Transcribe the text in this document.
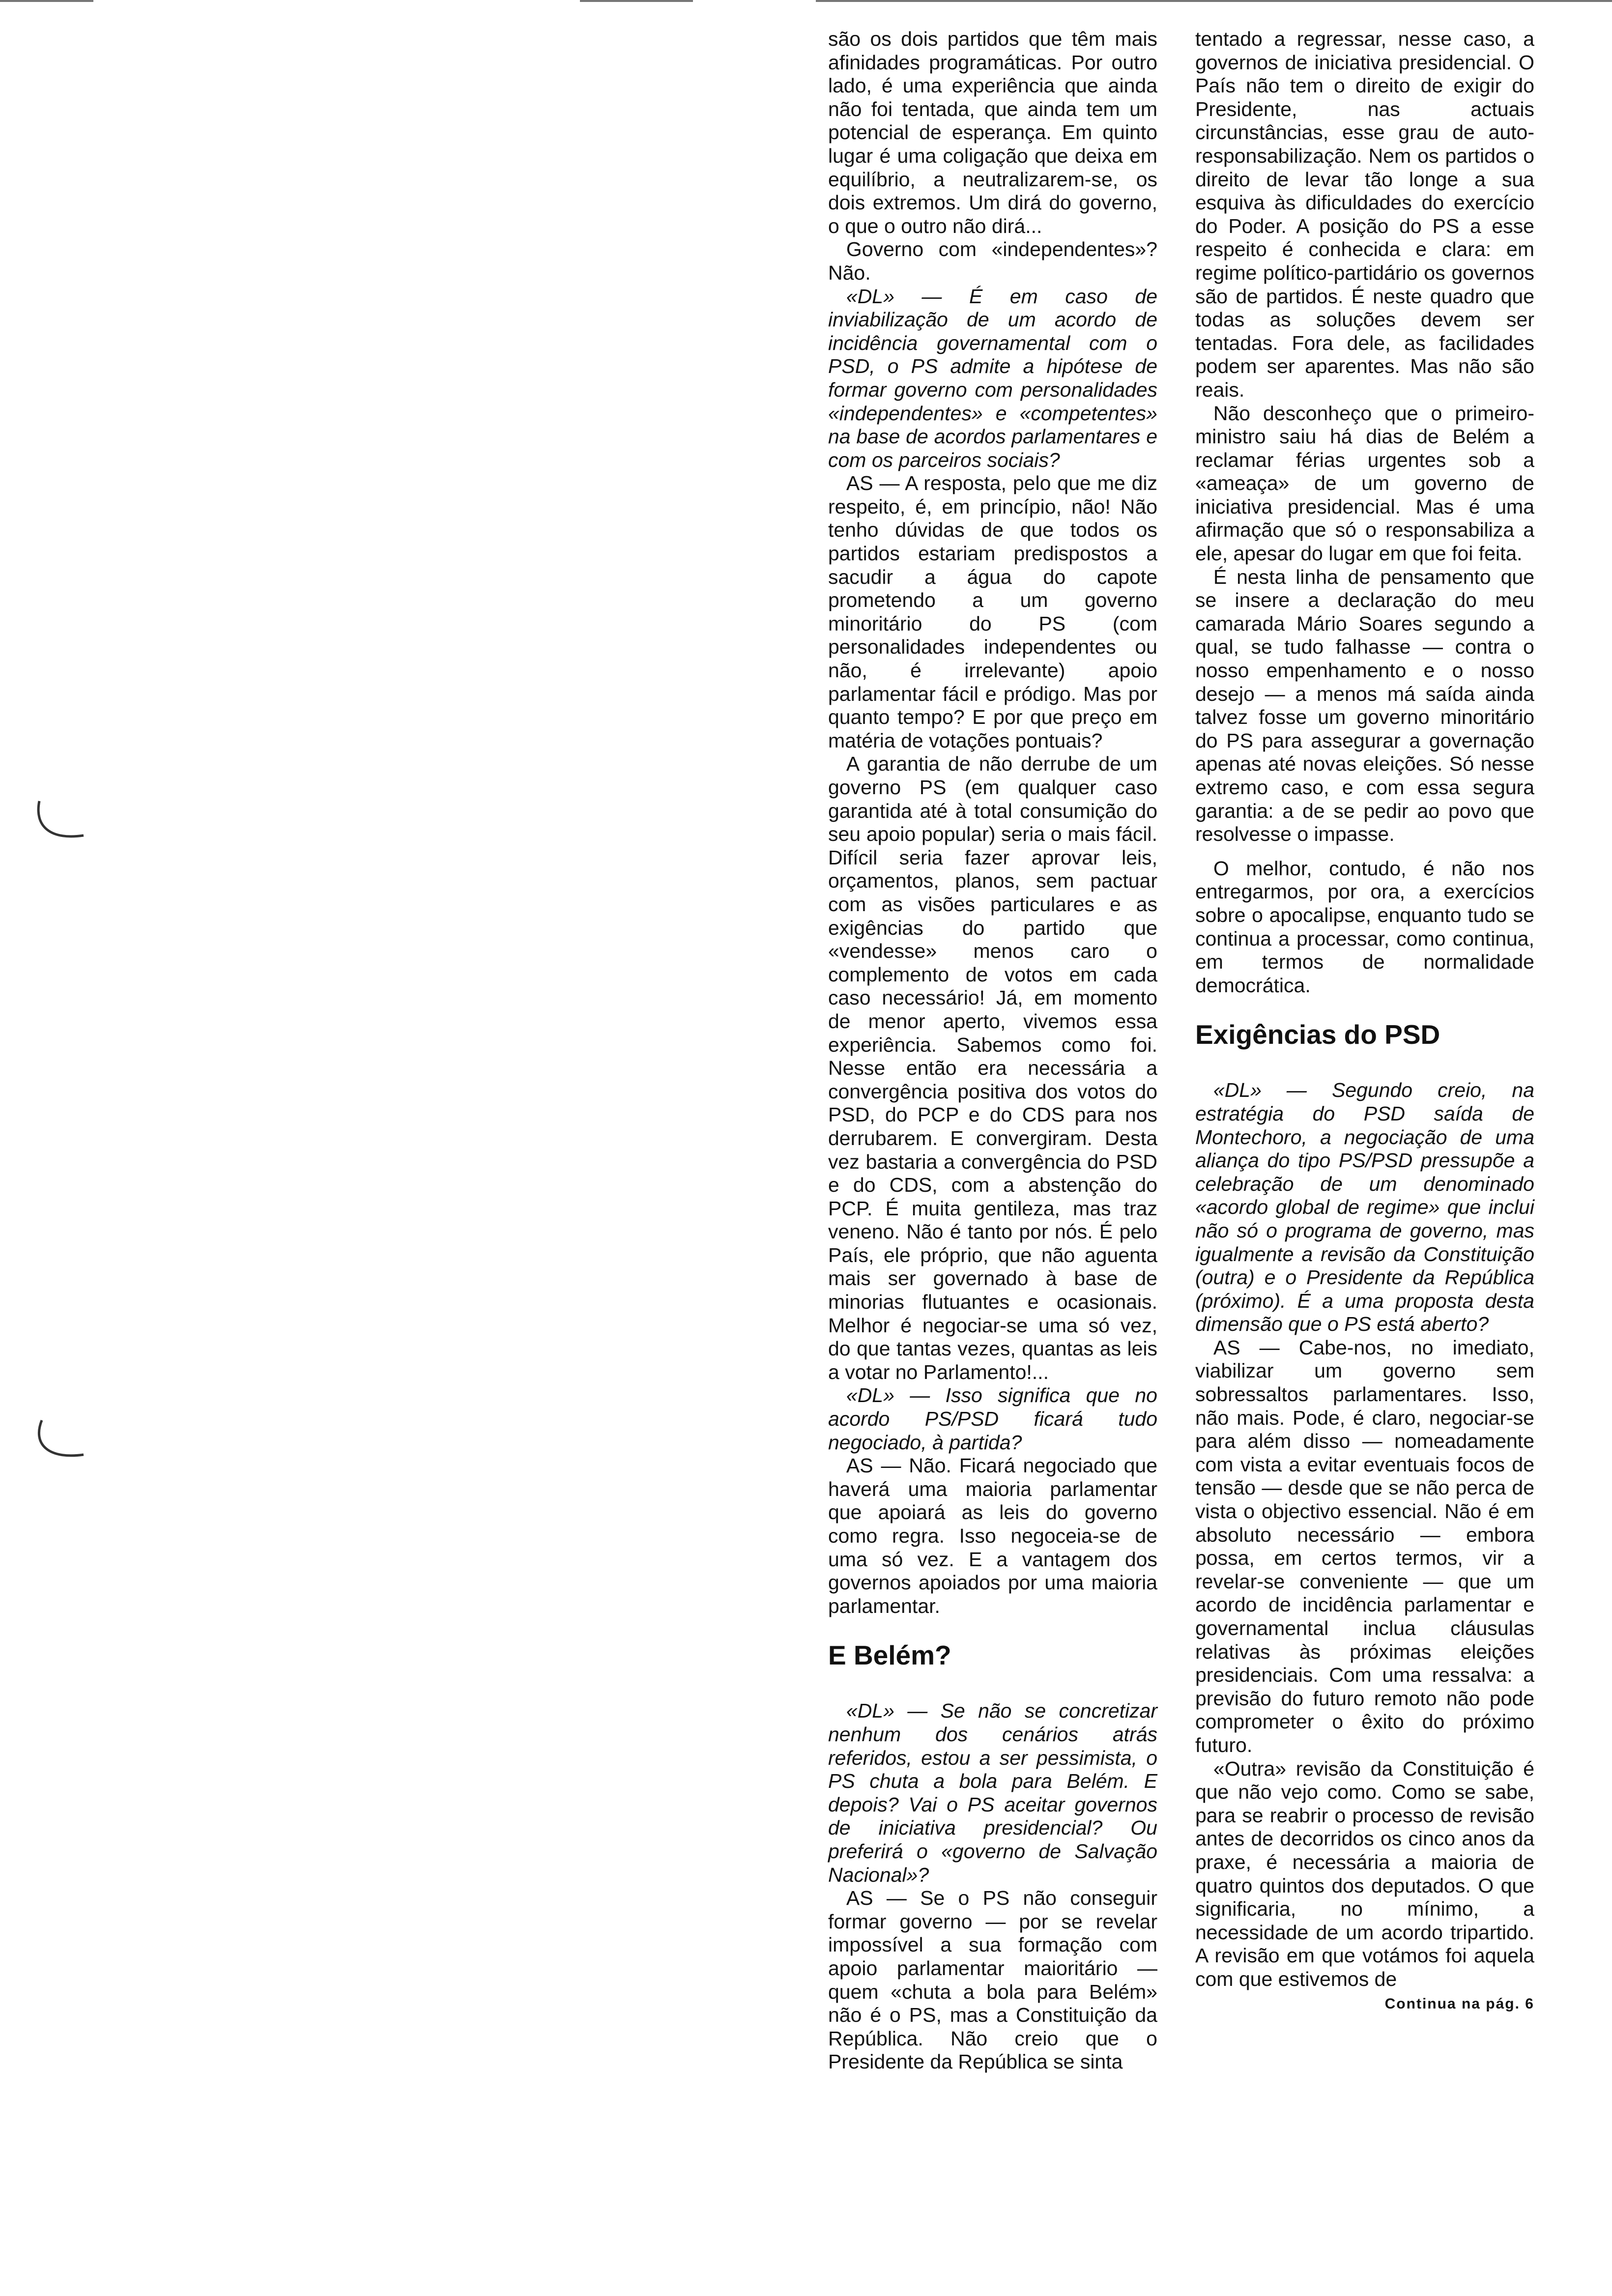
são os dois partidos que têm mais afinidades programáticas. Por outro lado, é uma experiência que ainda não foi tentada, que ainda tem um potencial de esperança. Em quinto lugar é uma coligação que deixa em equilíbrio, a neutralizarem-se, os dois extremos. Um dirá do governo, o que o outro não dirá...

Governo com «independentes»? Não.

«DL» — É em caso de inviabilização de um acordo de incidência governamental com o PSD, o PS admite a hipótese de formar governo com personalidades «independentes» e «competentes» na base de acordos parlamentares e com os parceiros sociais?

AS — A resposta, pelo que me diz respeito, é, em princípio, não! Não tenho dúvidas de que todos os partidos estariam predispostos a sacudir a água do capote prometendo a um governo minoritário do PS (com personalidades independentes ou não, é irrelevante) apoio parlamentar fácil e pródigo. Mas por quanto tempo? E por que preço em matéria de votações pontuais?

A garantia de não derrube de um governo PS (em qualquer caso garantida até à total consumição do seu apoio popular) seria o mais fácil. Difícil seria fazer aprovar leis, orçamentos, planos, sem pactuar com as visões particulares e as exigências do partido que «vendesse» menos caro o complemento de votos em cada caso necessário! Já, em momento de menor aperto, vivemos essa experiência. Sabemos como foi. Nesse então era necessária a convergência positiva dos votos do PSD, do PCP e do CDS para nos derrubarem. E convergiram. Desta vez bastaria a convergência do PSD e do CDS, com a abstenção do PCP. É muita gentileza, mas traz veneno. Não é tanto por nós. É pelo País, ele próprio, que não aguenta mais ser governado à base de minorias flutuantes e ocasionais. Melhor é negociar-se uma só vez, do que tantas vezes, quantas as leis a votar no Parlamento!...

«DL» — Isso significa que no acordo PS/PSD ficará tudo negociado, à partida?

AS — Não. Ficará negociado que haverá uma maioria parlamentar que apoiará as leis do governo como regra. Isso negoceia-se de uma só vez. E a vantagem dos governos apoiados por uma maioria parlamentar.

E Belém?

«DL» — Se não se concretizar nenhum dos cenários atrás referidos, estou a ser pessimista, o PS chuta a bola para Belém. E depois? Vai o PS aceitar governos de iniciativa presidencial? Ou preferirá o «governo de Salvação Nacional»?

AS — Se o PS não conseguir formar governo — por se revelar impossível a sua formação com apoio parlamentar maioritário — quem «chuta a bola para Belém» não é o PS, mas a Constituição da República. Não creio que o Presidente da República se sinta

tentado a regressar, nesse caso, a governos de iniciativa presidencial. O País não tem o direito de exigir do Presidente, nas actuais circunstâncias, esse grau de auto-responsabilização. Nem os partidos o direito de levar tão longe a sua esquiva às dificuldades do exercício do Poder. A posição do PS a esse respeito é conhecida e clara: em regime político-partidário os governos são de partidos. É neste quadro que todas as soluções devem ser tentadas. Fora dele, as facilidades podem ser aparentes. Mas não são reais.

Não desconheço que o primeiro-ministro saiu há dias de Belém a reclamar férias urgentes sob a «ameaça» de um governo de iniciativa presidencial. Mas é uma afirmação que só o responsabiliza a ele, apesar do lugar em que foi feita.

É nesta linha de pensamento que se insere a declaração do meu camarada Mário Soares segundo a qual, se tudo falhasse — contra o nosso empenhamento e o nosso desejo — a menos má saída ainda talvez fosse um governo minoritário do PS para assegurar a governação apenas até novas eleições. Só nesse extremo caso, e com essa segura garantia: a de se pedir ao povo que resolvesse o impasse.

O melhor, contudo, é não nos entregarmos, por ora, a exercícios sobre o apocalipse, enquanto tudo se continua a processar, como continua, em termos de normalidade democrática.

Exigências do PSD

«DL» — Segundo creio, na estratégia do PSD saída de Montechoro, a negociação de uma aliança do tipo PS/PSD pressupõe a celebração de um denominado «acordo global de regime» que inclui não só o programa de governo, mas igualmente a revisão da Constituição (outra) e o Presidente da República (próximo). É a uma proposta desta dimensão que o PS está aberto?

AS — Cabe-nos, no imediato, viabilizar um governo sem sobressaltos parlamentares. Isso, não mais. Pode, é claro, negociar-se para além disso — nomeadamente com vista a evitar eventuais focos de tensão — desde que se não perca de vista o objectivo essencial. Não é em absoluto necessário — embora possa, em certos termos, vir a revelar-se conveniente — que um acordo de incidência parlamentar e governamental inclua cláusulas relativas às próximas eleições presidenciais. Com uma ressalva: a previsão do futuro remoto não pode comprometer o êxito do próximo futuro.

«Outra» revisão da Constituição é que não vejo como. Como se sabe, para se reabrir o processo de revisão antes de decorridos os cinco anos da praxe, é necessária a maioria de quatro quintos dos deputados. O que significaria, no mínimo, a necessidade de um acordo tripartido. A revisão em que votámos foi aquela com que estivemos de

Continua na pág. 6
